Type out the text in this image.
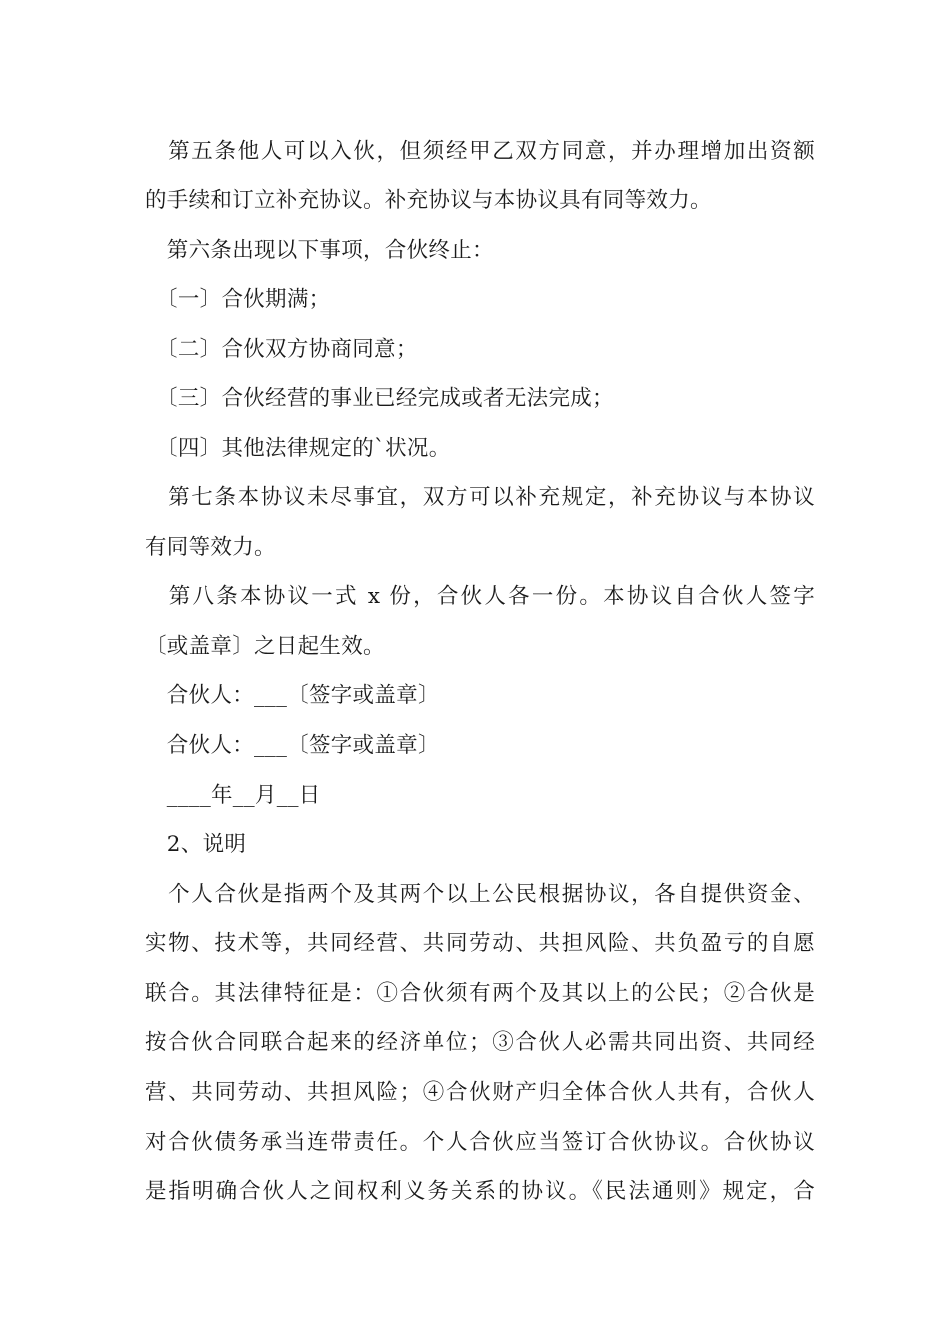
　第五条他人可以入伙，但须经甲乙双方同意，并办理增加出资额
的手续和订立补充协议。补充协议与本协议具有同等效力。
　第六条出现以下事项，合伙终止：
　〔一〕合伙期满；
　〔二〕合伙双方协商同意；
　〔三〕合伙经营的事业已经完成或者无法完成；
　〔四〕其他法律规定的`状况。
　第七条本协议未尽事宜，双方可以补充规定，补充协议与本协议
有同等效力。
　第八条本协议一式 x 份，合伙人各一份。本协议自合伙人签字
〔或盖章〕之日起生效。
　合伙人：___〔签字或盖章〕
　合伙人：___〔签字或盖章〕
　____年__月__日
　2、说明
　个人合伙是指两个及其两个以上公民根据协议，各自提供资金、
实物、技术等，共同经营、共同劳动、共担风险、共负盈亏的自愿
联合。其法律特征是：①合伙须有两个及其以上的公民；②合伙是
按合伙合同联合起来的经济单位；③合伙人必需共同出资、共同经
营、共同劳动、共担风险；④合伙财产归全体合伙人共有，合伙人
对合伙债务承当连带责任。个人合伙应当签订合伙协议。合伙协议
是指明确合伙人之间权利义务关系的协议。《民法通则》规定，合
